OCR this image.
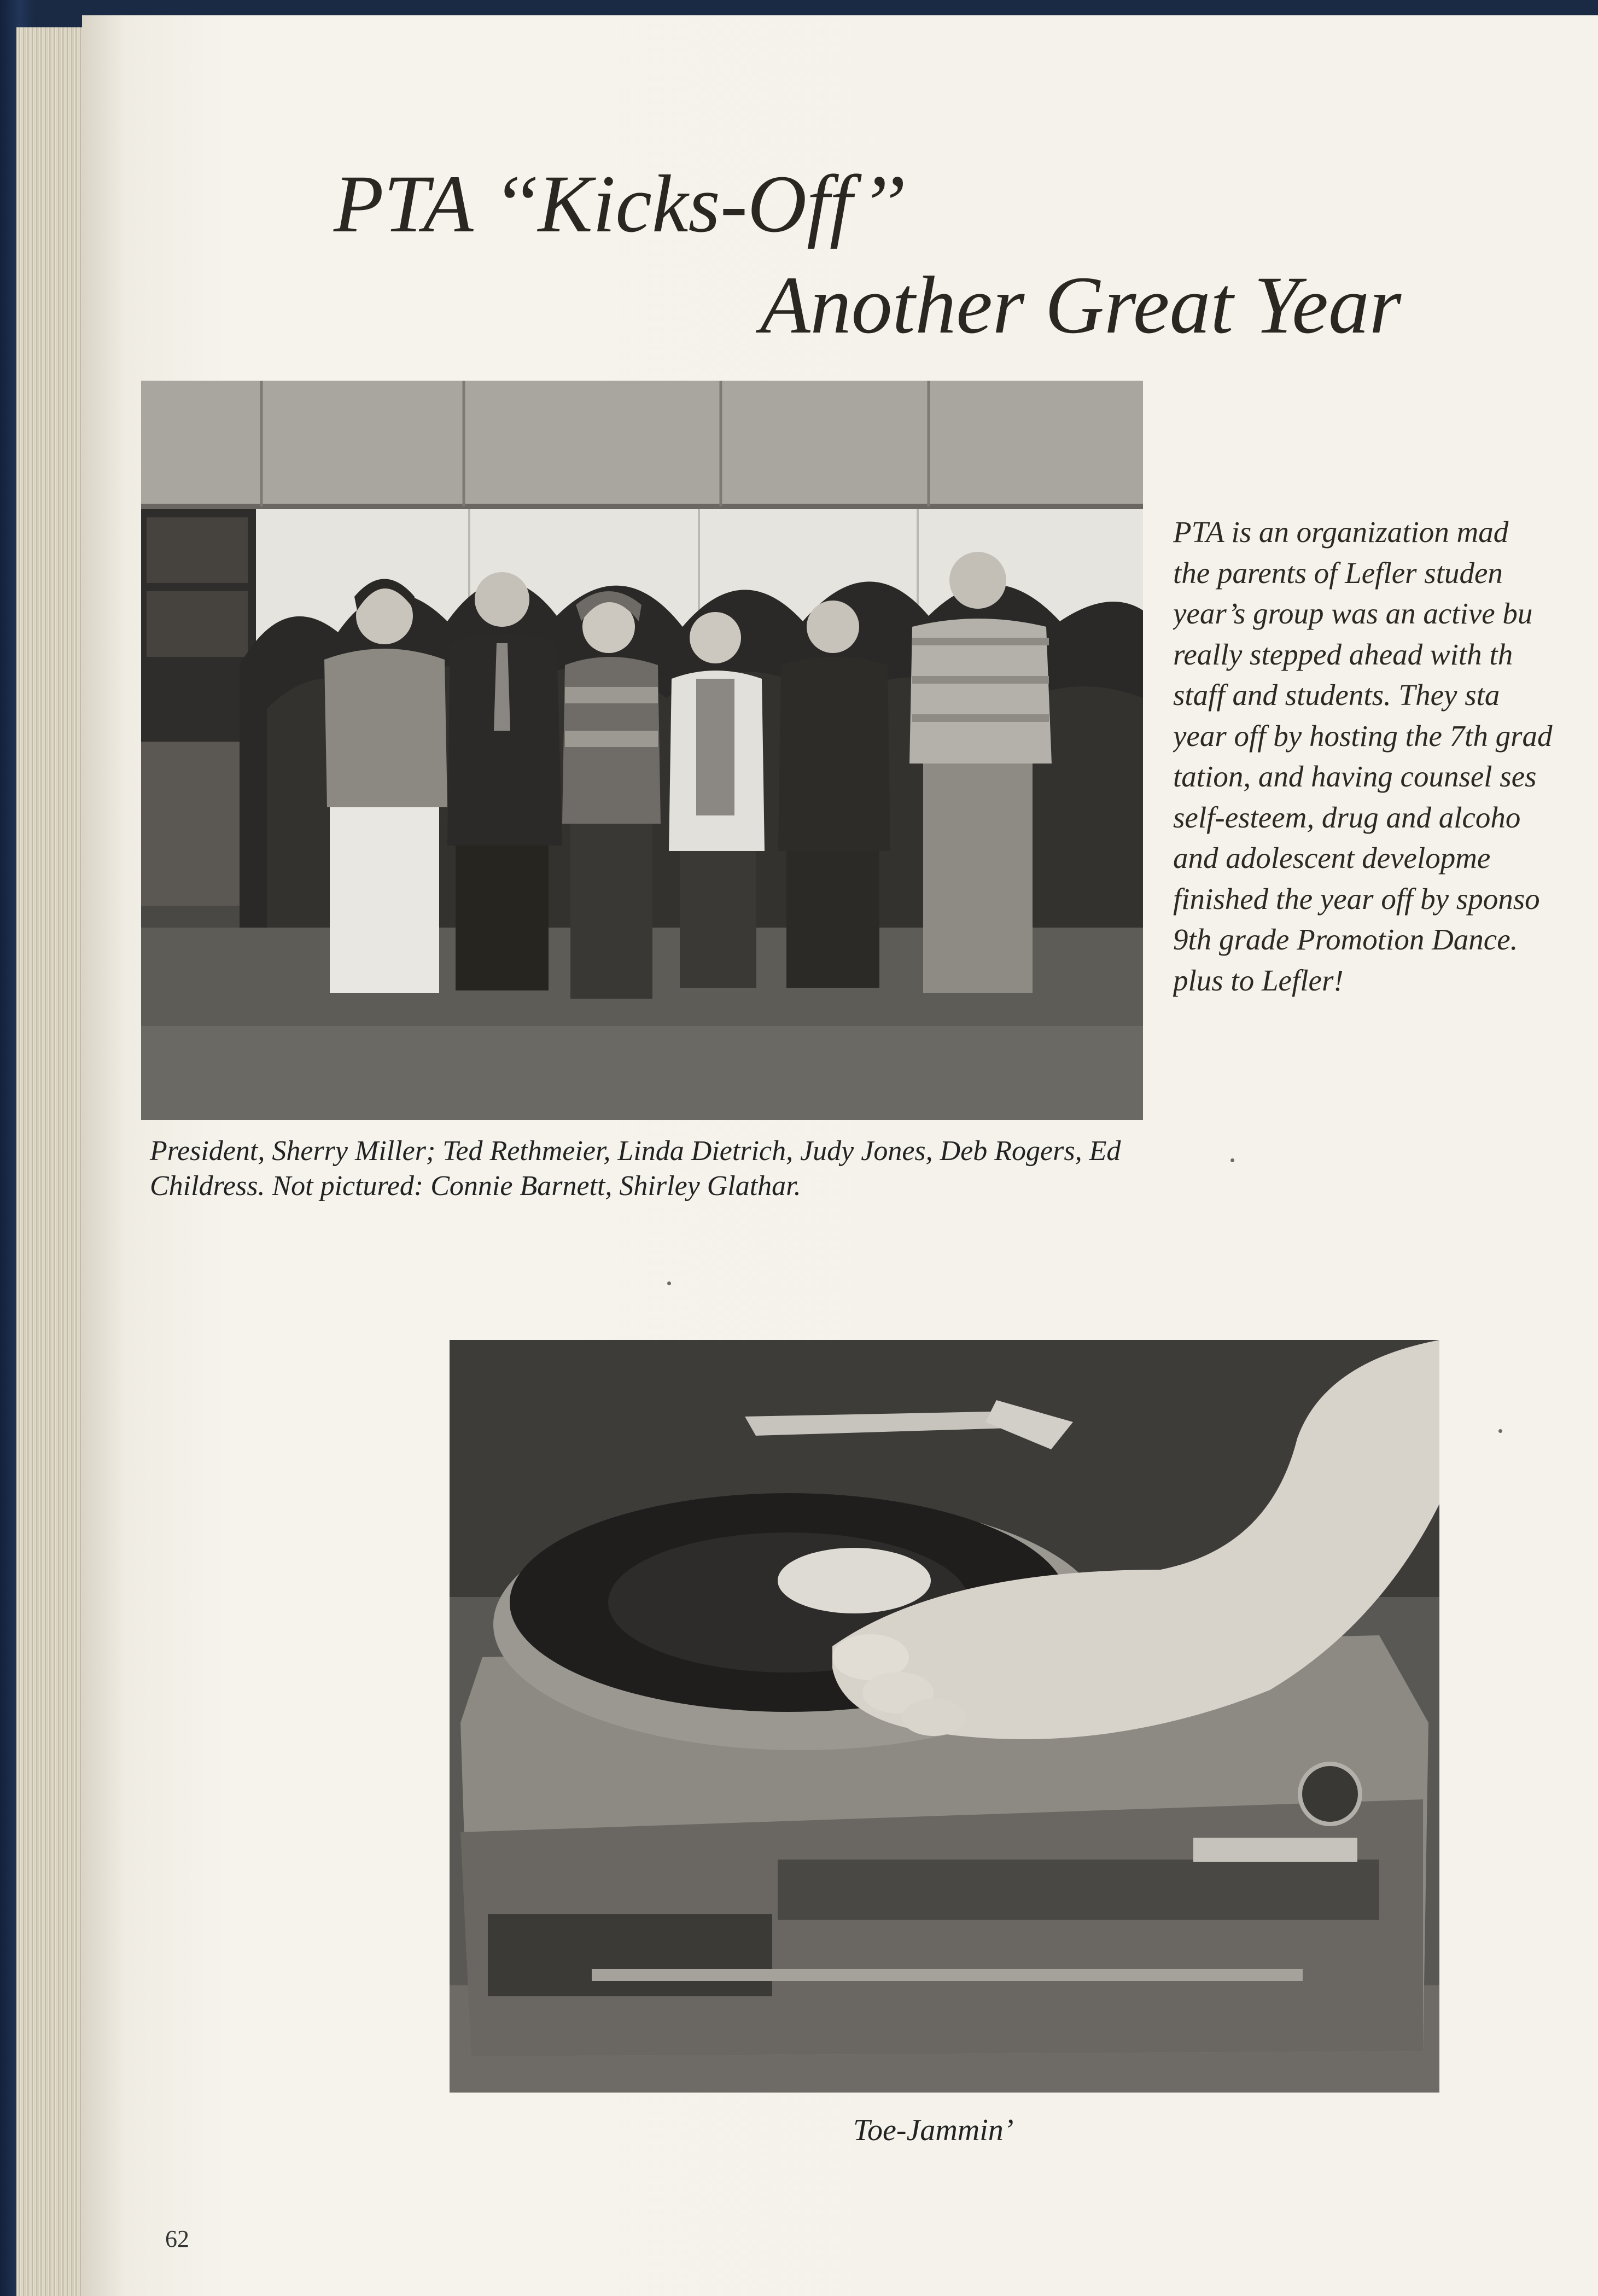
PTA ‘‘Kicks-Off’’
Another Great Year

President, Sherry Miller; Ted Rethmeier, Linda Dietrich, Judy Jones, Deb Rogers, Ed Childress. Not pictured: Connie Barnett, Shirley Glathar.

PTA is an organization mad
the parents of Lefler studen
year’s group was an active bu
really stepped ahead with th
staff and students. They sta
year off by hosting the 7th grad
tation, and having counsel ses
self-esteem, drug and alcoho
and adolescent developme
finished the year off by sponso
9th grade Promotion Dance.
plus to Lefler!

Toe-Jammin’

62
